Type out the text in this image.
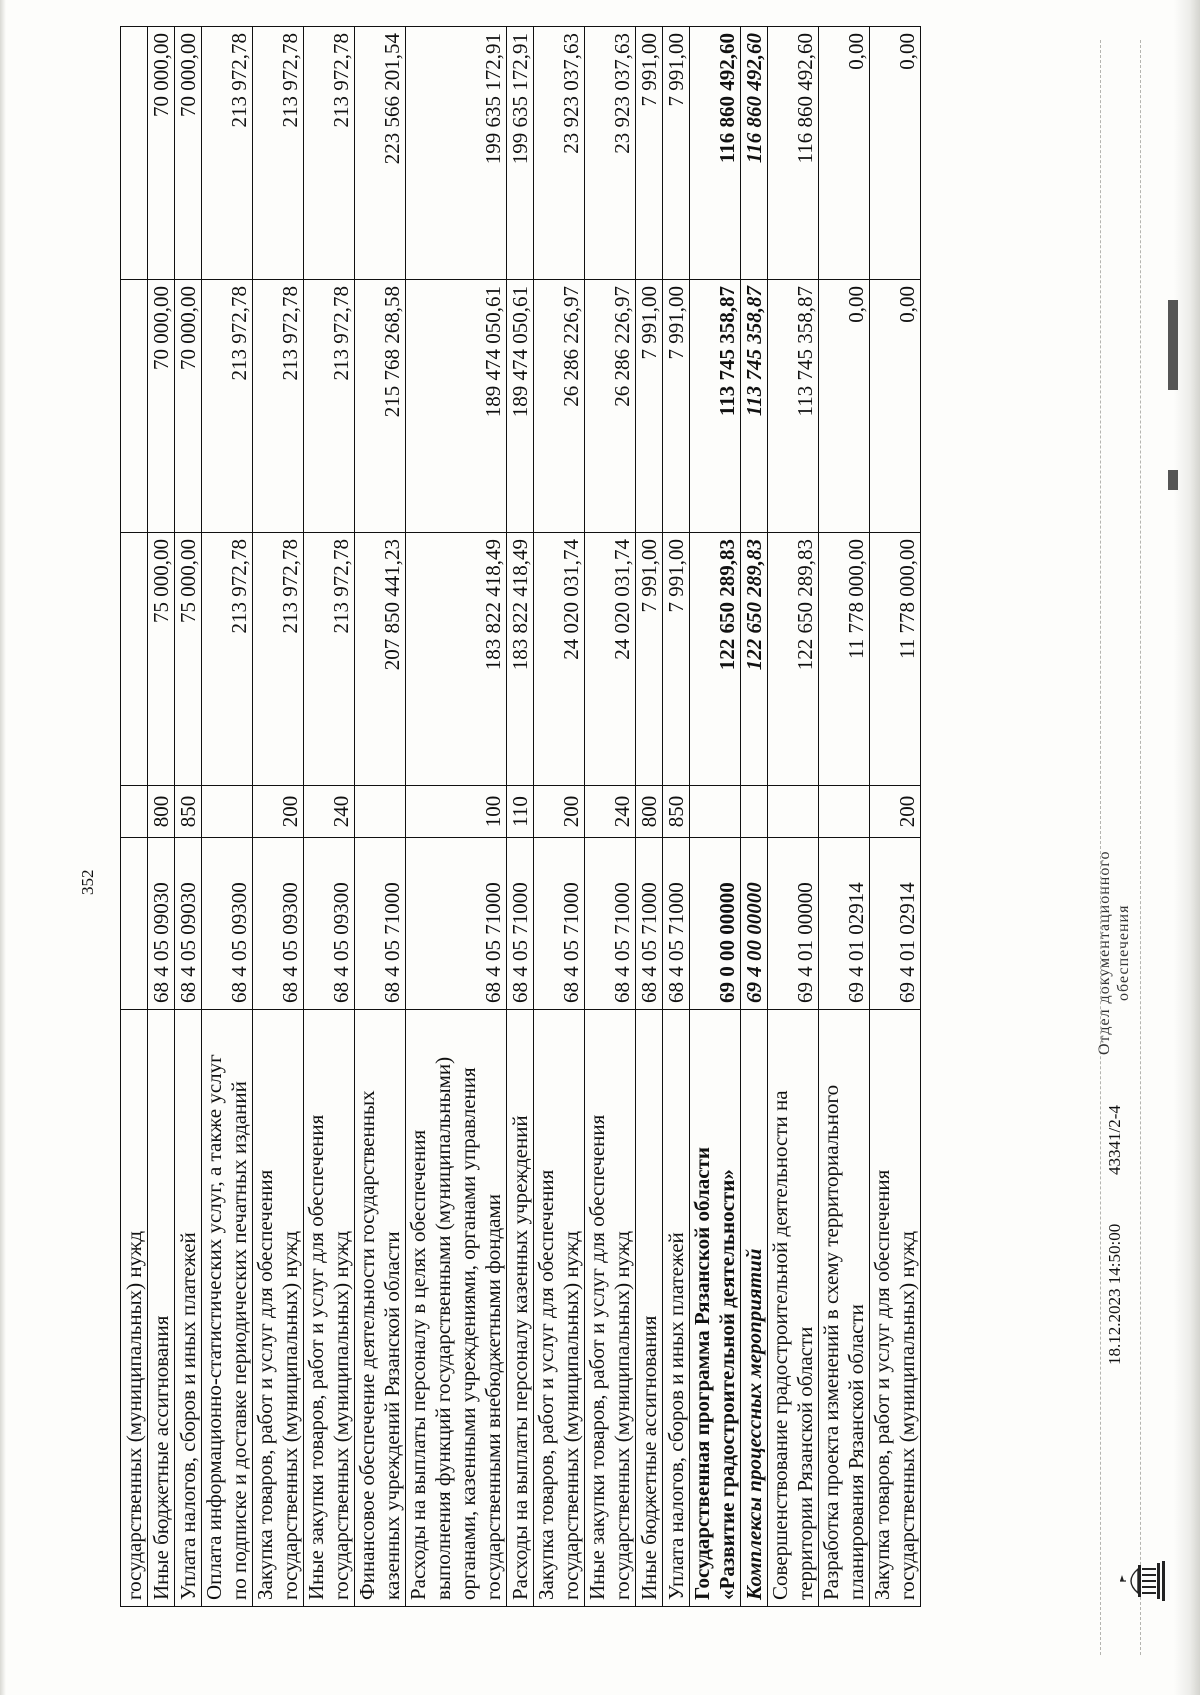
352
государственных (муниципальных) нужд					
Иные бюджетные ассигнования	68 4 05 09030	800	75 000,00	70 000,00	70 000,00
Уплата налогов, сборов и иных платежей	68 4 05 09030	850	75 000,00	70 000,00	70 000,00
Оплата информационно-статистических услуг, а также услуг
по подписке и доставке периодических печатных изданий	68 4 05 09300		213 972,78	213 972,78	213 972,78
Закупка товаров, работ и услуг для обеспечения
государственных (муниципальных) нужд	68 4 05 09300	200	213 972,78	213 972,78	213 972,78
Иные закупки товаров, работ и услуг для обеспечения
государственных (муниципальных) нужд	68 4 05 09300	240	213 972,78	213 972,78	213 972,78
Финансовое обеспечение деятельности государственных
казенных учреждений Рязанской области	68 4 05 71000		207 850 441,23	215 768 268,58	223 566 201,54
Расходы на выплаты персоналу в целях обеспечения
выполнения функций государственными (муниципальными)
органами, казенными учреждениями, органами управления
государственными внебюджетными фондами	68 4 05 71000	100	183 822 418,49	189 474 050,61	199 635 172,91
Расходы на выплаты персоналу казенных учреждений	68 4 05 71000	110	183 822 418,49	189 474 050,61	199 635 172,91
Закупка товаров, работ и услуг для обеспечения
государственных (муниципальных) нужд	68 4 05 71000	200	24 020 031,74	26 286 226,97	23 923 037,63
Иные закупки товаров, работ и услуг для обеспечения
государственных (муниципальных) нужд	68 4 05 71000	240	24 020 031,74	26 286 226,97	23 923 037,63
Иные бюджетные ассигнования	68 4 05 71000	800	7 991,00	7 991,00	7 991,00
Уплата налогов, сборов и иных платежей	68 4 05 71000	850	7 991,00	7 991,00	7 991,00
Государственная программа Рязанской области
«Развитие градостроительной деятельности»	69 0 00 00000		122 650 289,83	113 745 358,87	116 860 492,60
Комплексы процессных мероприятий	69 4 00 00000		122 650 289,83	113 745 358,87	116 860 492,60
Совершенствование градостроительной деятельности на
территории Рязанской области	69 4 01 00000		122 650 289,83	113 745 358,87	116 860 492,60
Разработка проекта изменений в схему территориального
планирования Рязанской области	69 4 01 02914		11 778 000,00	0,00	0,00
Закупка товаров, работ и услуг для обеспечения
государственных (муниципальных) нужд	69 4 01 02914	200	11 778 000,00	0,00	0,00
18.12.2023 14:50:00
43341/2-4
Отдел документационного обеспечения
